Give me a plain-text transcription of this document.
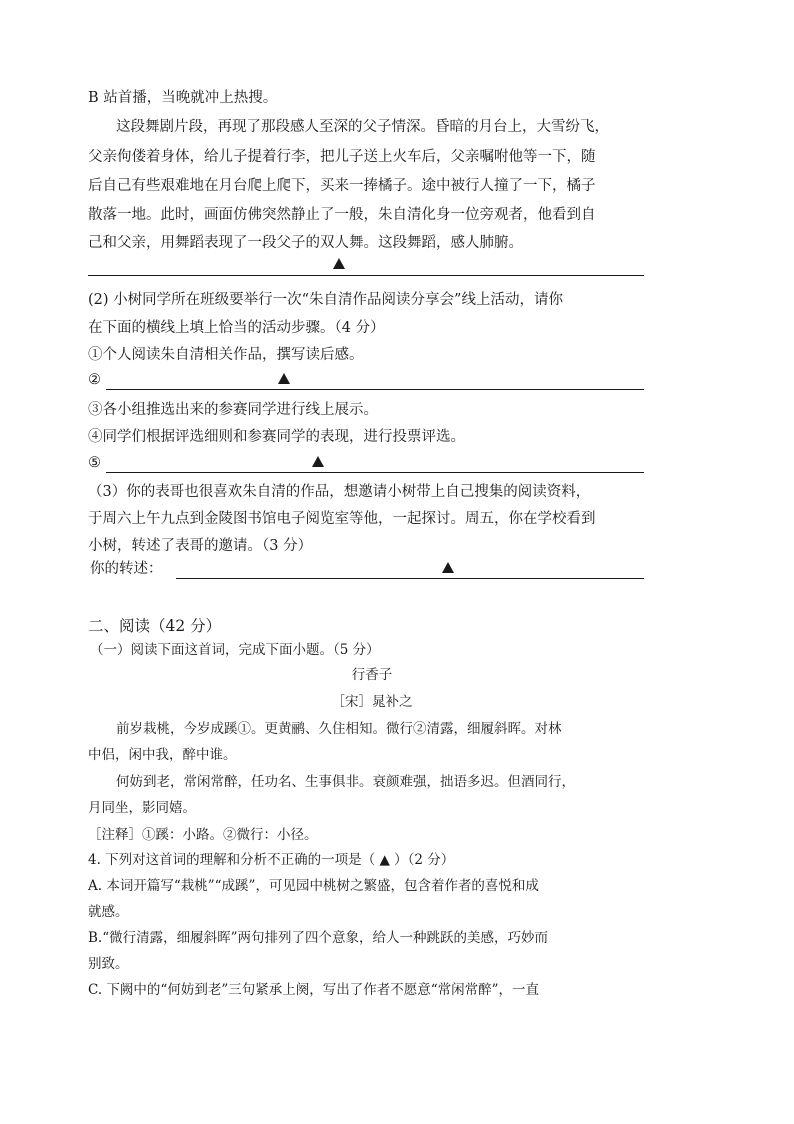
B 站首播，当晚就冲上热搜。
这段舞剧片段，再现了那段感人至深的父子情深。昏暗的月台上，大雪纷飞，
父亲佝偻着身体，给儿子提着行李，把儿子送上火车后，父亲嘱咐他等一下，随
后自己有些艰难地在月台爬上爬下，买来一捧橘子。途中被行人撞了一下，橘子
散落一地。此时，画面仿佛突然静止了一般，朱自清化身一位旁观者，他看到自
己和父亲，用舞蹈表现了一段父子的双人舞。这段舞蹈，感人肺腑。
(2) 小树同学所在班级要举行一次“朱自清作品阅读分享会”线上活动，请你
在下面的横线上填上恰当的活动步骤。（4 分）
①个人阅读朱自清相关作品，撰写读后感。
②
③各小组推选出来的参赛同学进行线上展示。
④同学们根据评选细则和参赛同学的表现，进行投票评选。
⑤
（3）你的表哥也很喜欢朱自清的作品，想邀请小树带上自己搜集的阅读资料，
于周六上午九点到金陵图书馆电子阅览室等他，一起探讨。周五，你在学校看到
小树，转述了表哥的邀请。（3 分）
你的转述：
二、阅读（42 分）
（一）阅读下面这首词，完成下面小题。（5 分）
行香子
［宋］晁补之
前岁栽桃，今岁成蹊①。更黄鹂、久住相知。微行②清露，细履斜晖。对林
中侣，闲中我，醉中谁。
何妨到老，常闲常醉，任功名、生事俱非。衰颜难强，拙语多迟。但酒同行，
月同坐，影同嬉。
［注释］①蹊：小路。②微行：小径。
4. 下列对这首词的理解和分析不正确的一项是（ ▲ ）（2 分）
A. 本词开篇写“栽桃”“成蹊”，可见园中桃树之繁盛，包含着作者的喜悦和成
就感。
B.“微行清露，细履斜晖”两句排列了四个意象，给人一种跳跃的美感，巧妙而
别致。
C. 下阙中的“何妨到老”三句紧承上阕，写出了作者不愿意“常闲常醉”，一直
